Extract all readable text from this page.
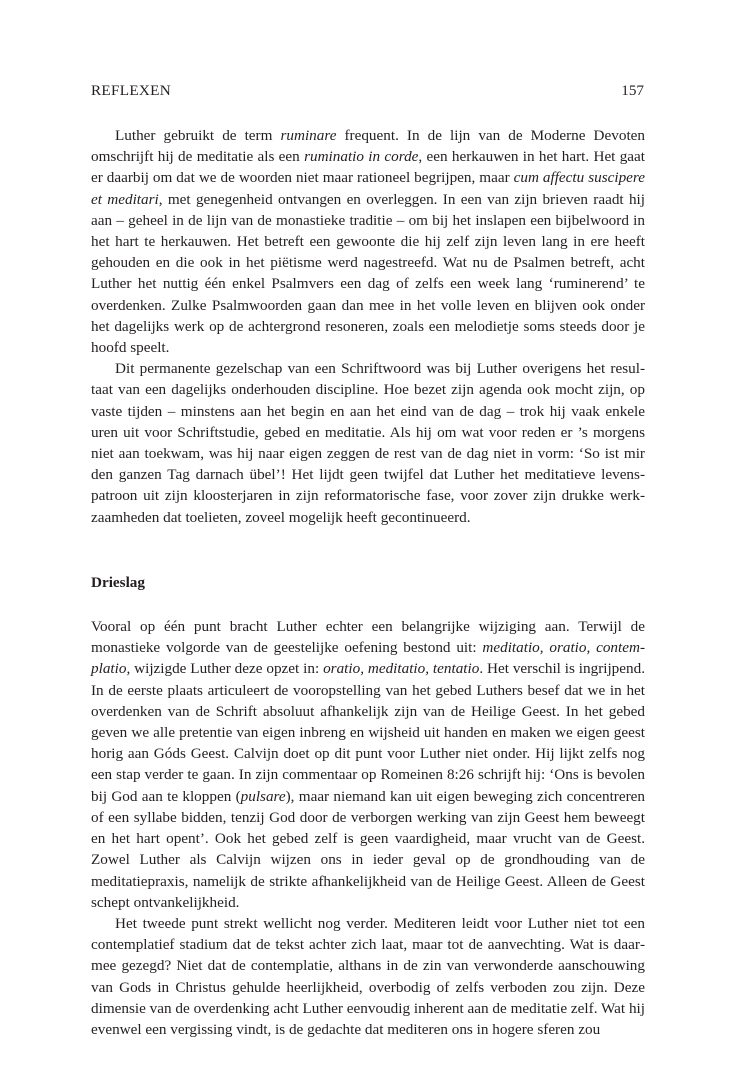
REFLEXEN	157

Luther gebruikt de term ruminare frequent. In de lijn van de Moderne Devoten omschrijft hij de meditatie als een ruminatio in corde, een herkauwen in het hart. Het gaat er daarbij om dat we de woorden niet maar rationeel begrijpen, maar cum affectu suscipere et meditari, met genegenheid ontvangen en overleggen. In een van zijn brieven raadt hij aan – geheel in de lijn van de monastieke traditie – om bij het inslapen een bijbelwoord in het hart te herkauwen. Het betreft een gewoonte die hij zelf zijn leven lang in ere heeft gehouden en die ook in het piëtisme werd nagestreefd. Wat nu de Psalmen betreft, acht Luther het nuttig één enkel Psalmvers een dag of zelfs een week lang ‘ruminerend’ te overdenken. Zulke Psalmwoorden gaan dan mee in het volle leven en blijven ook onder het dagelijks werk op de achtergrond resoneren, zoals een melodietje soms steeds door je hoofd speelt.

Dit permanente gezelschap van een Schriftwoord was bij Luther overigens het resultaat van een dagelijks onderhouden discipline. Hoe bezet zijn agenda ook mocht zijn, op vaste tijden – minstens aan het begin en aan het eind van de dag – trok hij vaak enkele uren uit voor Schriftstudie, gebed en meditatie. Als hij om wat voor reden er ’s morgens niet aan toekwam, was hij naar eigen zeggen de rest van de dag niet in vorm: ‘So ist mir den ganzen Tag darnach übel’! Het lijdt geen twijfel dat Luther het meditatieve levenspatroon uit zijn kloosterjaren in zijn reformatorische fase, voor zover zijn drukke werkzaamheden dat toelieten, zoveel mogelijk heeft gecontinueerd.

Drieslag

Vooral op één punt bracht Luther echter een belangrijke wijziging aan. Terwijl de monastieke volgorde van de geestelijke oefening bestond uit: meditatio, oratio, contemplatio, wijzigde Luther deze opzet in: oratio, meditatio, tentatio. Het verschil is ingrijpend. In de eerste plaats articuleert de vooropstelling van het gebed Luthers besef dat we in het overdenken van de Schrift absoluut afhankelijk zijn van de Heilige Geest. In het gebed geven we alle pretentie van eigen inbreng en wijsheid uit handen en maken we eigen geest horig aan Góds Geest. Calvijn doet op dit punt voor Luther niet onder. Hij lijkt zelfs nog een stap verder te gaan. In zijn commentaar op Romeinen 8:26 schrijft hij: ‘Ons is bevolen bij God aan te kloppen (pulsare), maar niemand kan uit eigen beweging zich concentreren of een syllabe bidden, tenzij God door de verborgen werking van zijn Geest hem beweegt en het hart opent’. Ook het gebed zelf is geen vaardigheid, maar vrucht van de Geest. Zowel Luther als Calvijn wijzen ons in ieder geval op de grondhouding van de meditatiepraxis, namelijk de strikte afhankelijkheid van de Heilige Geest. Alleen de Geest schept ontvankelijkheid.

Het tweede punt strekt wellicht nog verder. Mediteren leidt voor Luther niet tot een contemplatief stadium dat de tekst achter zich laat, maar tot de aanvechting. Wat is daarmee gezegd? Niet dat de contemplatie, althans in de zin van verwonderde aanschouwing van Gods in Christus gehulde heerlijkheid, overbodig of zelfs verboden zou zijn. Deze dimensie van de overdenking acht Luther eenvoudig inherent aan de meditatie zelf. Wat hij evenwel een vergissing vindt, is de gedachte dat mediteren ons in hogere sferen zou
